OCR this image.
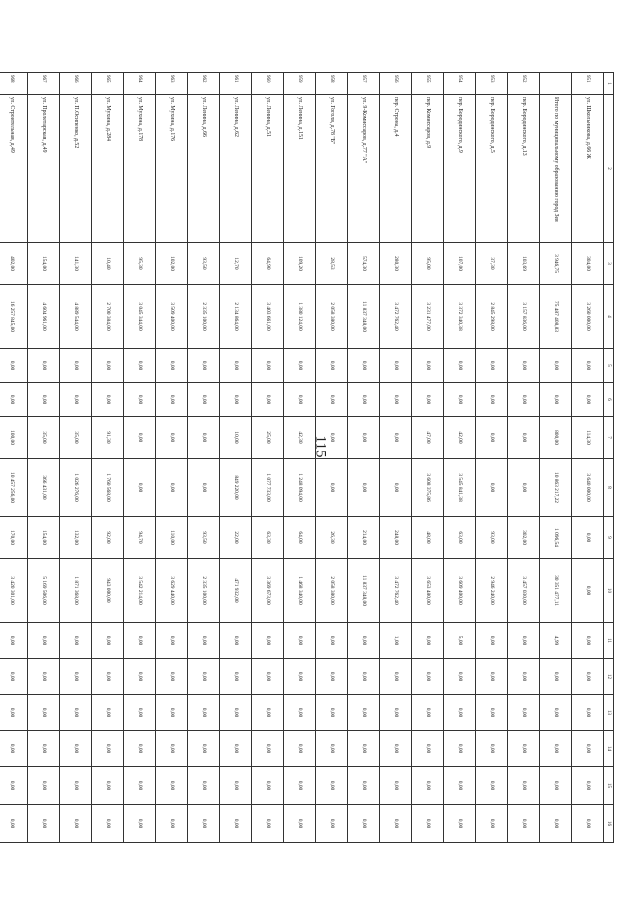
115
1	2	3	4	5	6	7	8	9	10	11	12	13	14	15	16
951	ул. Школьникова, д.66 Ж	304,00	3 260 000,00	0,00	0,00	114,30	3 640 000,00	0,00	0,00	0,00	0,00	0,00	0,00	0,00	0,00
	Итого по муниципальному образованию город Зея	3 946,75	75 487 408,83	0,00	0,00	800,00	10 863 217,22	1 096,54	30 351 477,11	4,99	0,00	0,00	0,00	0,00	0,00
952	пер. Бородинского, д.13	103,69	3 157 836,00	0,00	0,00	0,00	0,00	302,00	3 457 030,00	0,00	0,00	0,00	0,00	0,00	0,00
953	пер. Бородинского, д.5	37,30	2 845 298,00	0,00	0,00	0,00	0,00	93,00	2 946 240,00	0,00	0,00	0,00	0,00	0,00	0,00
954	пер. Бородинского, д.9	107,00	3 372 340,38	0,00	0,00	42,00	3 545 841,38	63,00	3 609 400,00	5,00	0,00	0,00	0,00	0,00	0,00
955	пер. Комиссаров, д.9	95,00	3 231 477,00	0,00	0,00	47,00	3 608 375,86	48,00	3 653 480,00	0,00	0,00	0,00	0,00	0,00	0,00
956	пер. Строна, д.4	280,30	3 472 762,40	0,00	0,00	0,00	0,00	248,00	3 472 762,40	1,00	0,00	0,00	0,00	0,00	0,00
957	ул. 9-Комиссаров, д.77 "А"	574,30	11 837 348,00	0,00	0,00	0,00	0,00	214,00	11 837 348,00	0,00	0,00	0,00	0,00	0,00	0,00
958	ул. Гоголя, д.78 "Б"	28,53	2 058 380,00	0,00	0,00	0,00	0,00	26,30	2 058 380,00	0,00	0,00	0,00	0,00	0,00	0,00
959	ул. Ленина, д.151	109,20	1 380 124,00	0,00	0,00	42,30	1 248 094,00	64,00	1 468 340,00	0,00	0,00	0,00	0,00	0,00	0,00
960	ул. Ленина, д.51	64,90	3 403 661,00	0,00	0,00	25,00	1 077 733,00	63,30	3 369 673,00	0,00	0,00	0,00	0,00	0,00	0,00
961	ул. Ленина, д.62	12,70	2 134 864,00	0,00	0,00	10,00	849 220,00	22,00	471 932,00	0,00	0,00	0,00	0,00	0,00	0,00
962	ул. Ленина, д.66	93,50	2 335 100,00	0,00	0,00	0,00	0,00	93,50	2 335 100,00	0,00	0,00	0,00	0,00	0,00	0,00
963	ул. Мухина, д.176	102,00	3 509 400,00	0,00	0,00	0,00	0,00	110,00	3 629 440,00	0,00	0,00	0,00	0,00	0,00	0,00
964	ул. Мухина, д.178	95,30	3 045 344,00	0,00	0,00	0,00	0,00	94,70	3 542 214,00	0,00	0,00	0,00	0,00	0,00	0,00
965	ул. Мухина, д.284	10,40	2 700 384,00	0,00	0,00	91,30	1 760 568,00	92,00	943 000,00	0,00	0,00	0,00	0,00	0,00	0,00
966	ул. П.Осипенко, д.52	141,30	4 889 544,00	0,00	0,00	35,00	1 026 276,00	132,00	1 871 368,00	0,00	0,00	0,00	0,00	0,00	0,00
967	ул. Пролетарская, д.49	154,00	4 604 961,00	0,00	0,00	35,00	366 431,00	154,00	5 169 506,00	0,00	0,00	0,00	0,00	0,00	0,00
968	ул. Строительная, д.49	402,00	16 257 845,00	0,00	0,00	100,00	10 457 256,00	170,00	3 420 301,00	0,00	0,00	0,00	0,00	0,00	0,00
